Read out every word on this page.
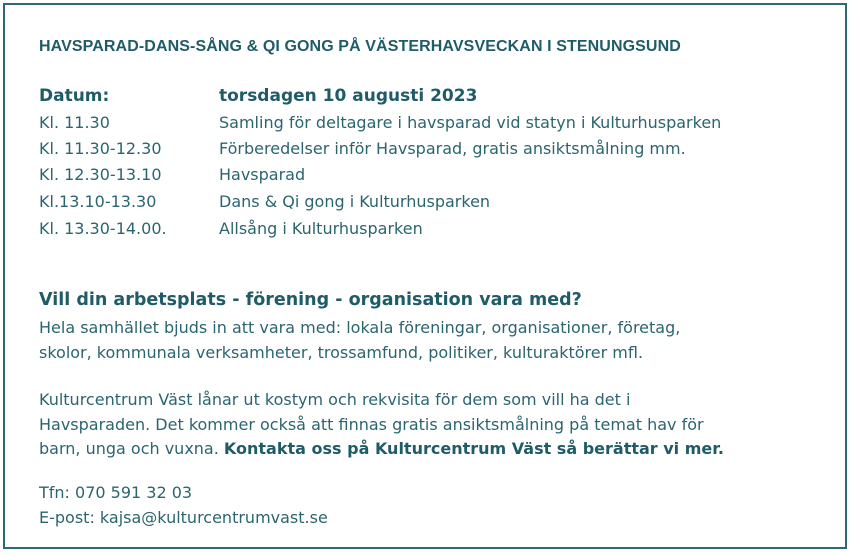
HAVSPARAD-DANS-SÅNG & QI GONG PÅ VÄSTERHAVSVECKAN I STENUNGSUND
Datum:	torsdagen 10 augusti 2023
Kl. 11.30	Samling för deltagare i havsparad vid statyn i Kulturhusparken
Kl. 11.30-12.30	Förberedelser inför Havsparad, gratis ansiktsmålning mm.
Kl. 12.30-13.10	Havsparad
Kl.13.10-13.30	Dans & Qi gong i Kulturhusparken
Kl. 13.30-14.00.	Allsång i Kulturhusparken
Vill din arbetsplats - förening - organisation vara med?
Hela samhället bjuds in att vara med: lokala föreningar, organisationer, företag,
skolor, kommunala verksamheter, trossamfund, politiker, kulturaktörer mfl.
Kulturcentrum Väst lånar ut kostym och rekvisita för dem som vill ha det i
Havsparaden. Det kommer också att finnas gratis ansiktsmålning på temat hav för
barn, unga och vuxna. Kontakta oss på Kulturcentrum Väst så berättar vi mer.
Tfn: 070 591 32 03
E-post: kajsa@kulturcentrumvast.se
